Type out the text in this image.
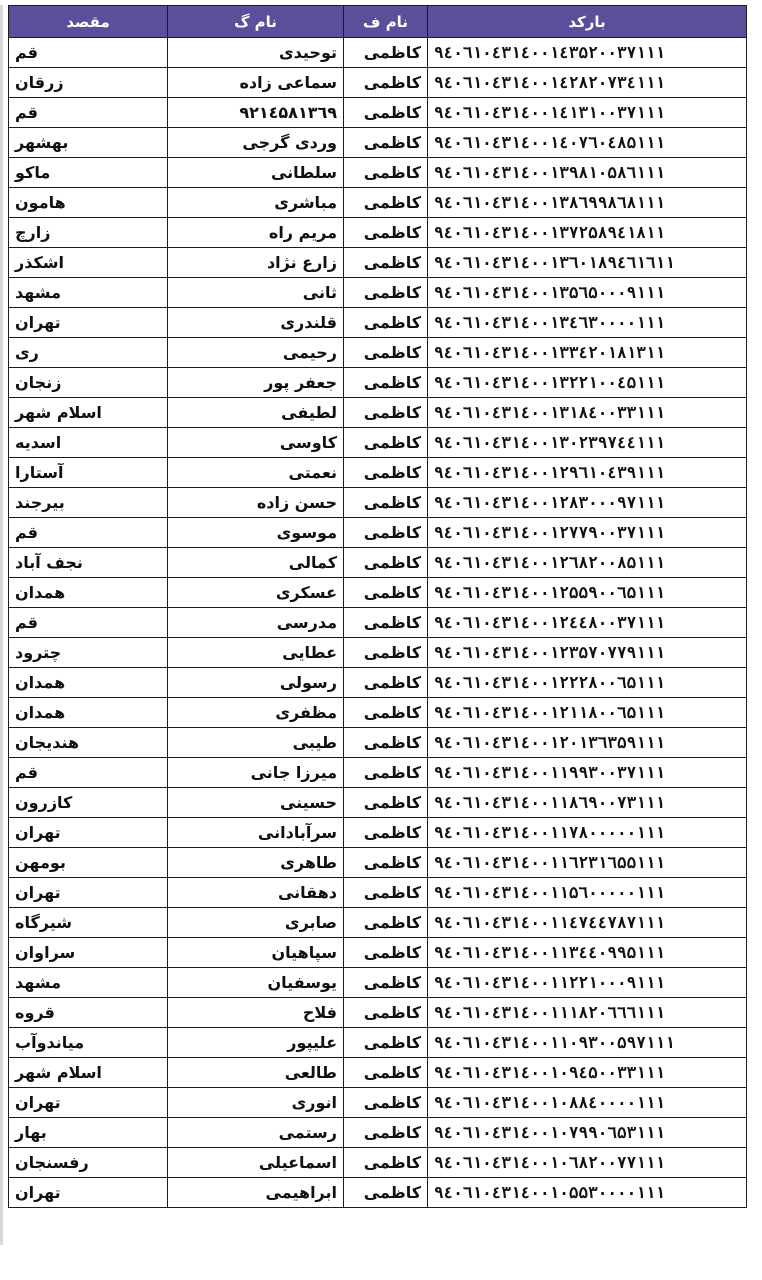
مقصد	نام گ	نام ف	بارکد
قم	توحیدی	کاظمی	۹٤۰٦۱۰٤۳۱٤۰۰۱٤۳۵۲۰۰۳۷۱۱۱
زرقان	سماعی زاده	کاظمی	۹٤۰٦۱۰٤۳۱٤۰۰۱٤۲۸۲۰۷۳٤۱۱۱
قم	۹۲۱٤۵۸۱۳٦۹	کاظمی	۹٤۰٦۱۰٤۳۱٤۰۰۱٤۱۳۱۰۰۳۷۱۱۱
بهشهر	وردی گرجی	کاظمی	۹٤۰٦۱۰٤۳۱٤۰۰۱٤۰۷٦۰٤۸۵۱۱۱
ماکو	سلطانی	کاظمی	۹٤۰٦۱۰٤۳۱٤۰۰۱۳۹۸۱۰۵۸٦۱۱۱
هامون	مباشری	کاظمی	۹٤۰٦۱۰٤۳۱٤۰۰۱۳۸٦۹۹۸٦۸۱۱۱
زارچ	مریم راه	کاظمی	۹٤۰٦۱۰٤۳۱٤۰۰۱۳۷۲۵۸۹٤۱۸۱۱
اشکذر	زارع نژاد	کاظمی	۹٤۰٦۱۰٤۳۱٤۰۰۱۳٦۰۱۸۹٤٦۱٦۱۱
مشهد	ثانی	کاظمی	۹٤۰٦۱۰٤۳۱٤۰۰۱۳۵٦۵۰۰۰۹۱۱۱
تهران	قلندری	کاظمی	۹٤۰٦۱۰٤۳۱٤۰۰۱۳٤٦۳۰۰۰۰۱۱۱
ری	رحیمی	کاظمی	۹٤۰٦۱۰٤۳۱٤۰۰۱۳۳٤۲۰۱۸۱۳۱۱
زنجان	جعفر پور	کاظمی	۹٤۰٦۱۰٤۳۱٤۰۰۱۳۲۲۱۰۰٤۵۱۱۱
اسلام شهر	لطیفی	کاظمی	۹٤۰٦۱۰٤۳۱٤۰۰۱۳۱۸٤۰۰۳۳۱۱۱
اسدیه	کاوسی	کاظمی	۹٤۰٦۱۰٤۳۱٤۰۰۱۳۰۲۳۹۷٤٤۱۱۱
آستارا	نعمتی	کاظمی	۹٤۰٦۱۰٤۳۱٤۰۰۱۲۹٦۱۰٤۳۹۱۱۱
بیرجند	حسن زاده	کاظمی	۹٤۰٦۱۰٤۳۱٤۰۰۱۲۸۳۰۰۰۹۷۱۱۱
قم	موسوی	کاظمی	۹٤۰٦۱۰٤۳۱٤۰۰۱۲۷۷۹۰۰۳۷۱۱۱
نجف آباد	کمالی	کاظمی	۹٤۰٦۱۰٤۳۱٤۰۰۱۲٦۸۲۰۰۸۵۱۱۱
همدان	عسکری	کاظمی	۹٤۰٦۱۰٤۳۱٤۰۰۱۲۵۵۹۰۰٦۵۱۱۱
قم	مدرسی	کاظمی	۹٤۰٦۱۰٤۳۱٤۰۰۱۲٤٤۸۰۰۳۷۱۱۱
چترود	عطایی	کاظمی	۹٤۰٦۱۰٤۳۱٤۰۰۱۲۳۵۷۰۷۷۹۱۱۱
همدان	رسولی	کاظمی	۹٤۰٦۱۰٤۳۱٤۰۰۱۲۲۲۸۰۰٦۵۱۱۱
همدان	مظفری	کاظمی	۹٤۰٦۱۰٤۳۱٤۰۰۱۲۱۱۸۰۰٦۵۱۱۱
هندیجان	طیبی	کاظمی	۹٤۰٦۱۰٤۳۱٤۰۰۱۲۰۱۳٦۳۵۹۱۱۱
قم	میرزا جانی	کاظمی	۹٤۰٦۱۰٤۳۱٤۰۰۱۱۹۹۳۰۰۳۷۱۱۱
کازرون	حسینی	کاظمی	۹٤۰٦۱۰٤۳۱٤۰۰۱۱۸٦۹۰۰۷۳۱۱۱
تهران	سرآبادانی	کاظمی	۹٤۰٦۱۰٤۳۱٤۰۰۱۱۷۸۰۰۰۰۰۱۱۱
بومهن	طاهری	کاظمی	۹٤۰٦۱۰٤۳۱٤۰۰۱۱٦۲۳۱٦۵۵۱۱۱
تهران	دهقانی	کاظمی	۹٤۰٦۱۰٤۳۱٤۰۰۱۱۵٦۰۰۰۰۰۱۱۱
شیرگاه	صابری	کاظمی	۹٤۰٦۱۰٤۳۱٤۰۰۱۱٤۷٤٤۷۸۷۱۱۱
سراوان	سپاهیان	کاظمی	۹٤۰٦۱۰٤۳۱٤۰۰۱۱۳٤٤۰۹۹۵۱۱۱
مشهد	یوسفیان	کاظمی	۹٤۰٦۱۰٤۳۱٤۰۰۱۱۲۲۱۰۰۰۹۱۱۱
قروه	فلاح	کاظمی	۹٤۰٦۱۰٤۳۱٤۰۰۱۱۱۸۲۰٦٦٦۱۱۱
میاندوآب	علیپور	کاظمی	۹٤۰٦۱۰٤۳۱٤۰۰۱۱۰۹۳۰۰۵۹۷۱۱۱
اسلام شهر	طالعی	کاظمی	۹٤۰٦۱۰٤۳۱٤۰۰۱۰۹٤۵۰۰۳۳۱۱۱
تهران	انوری	کاظمی	۹٤۰٦۱۰٤۳۱٤۰۰۱۰۸۸٤۰۰۰۰۱۱۱
بهار	رستمی	کاظمی	۹٤۰٦۱۰٤۳۱٤۰۰۱۰۷۹۹۰٦۵۳۱۱۱
رفسنجان	اسماعیلی	کاظمی	۹٤۰٦۱۰٤۳۱٤۰۰۱۰٦۸۲۰۰۷۷۱۱۱
تهران	ابراهیمی	کاظمی	۹٤۰٦۱۰٤۳۱٤۰۰۱۰۵۵۳۰۰۰۰۱۱۱
